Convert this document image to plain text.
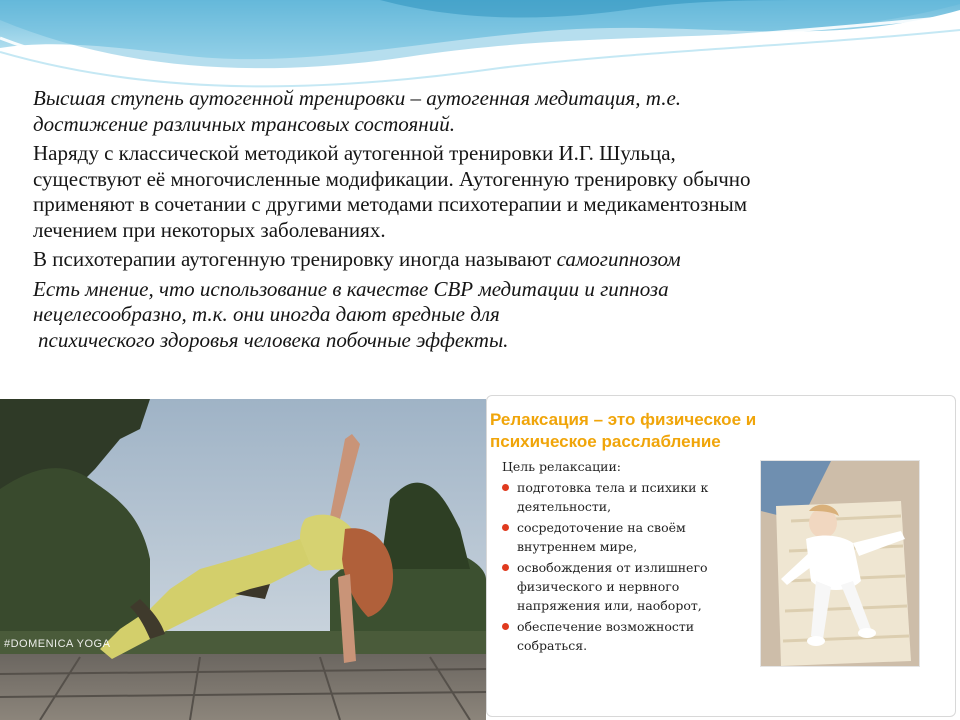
Высшая ступень аутогенной тренировки – аутогенная медитация, т.е. достижение различных трансовых состояний.

Наряду с классической методикой аутогенной тренировки И.Г. Шульца, существуют её многочисленные модификации. Аутогенную тренировку обычно применяют в сочетании с другими методами психотерапии и медикаментозным лечением при некоторых заболеваниях.

В психотерапии аутогенную тренировку иногда называют самогипнозом

Есть мнение, что использование в качестве СВР медитации и гипноза нецелесообразно, т.к. они иногда дают вредные для
психического здоровья человека побочные эффекты.

#DOMENICA YOGA
Релаксация – это физическое и психическое расслабление
Цель релаксации:
подготовка тела и психики к деятельности,
сосредоточение на своём внутреннем мире,
освобождения от излишнего физического и нервного напряжения или, наоборот,
обеспечение возможности собраться.
